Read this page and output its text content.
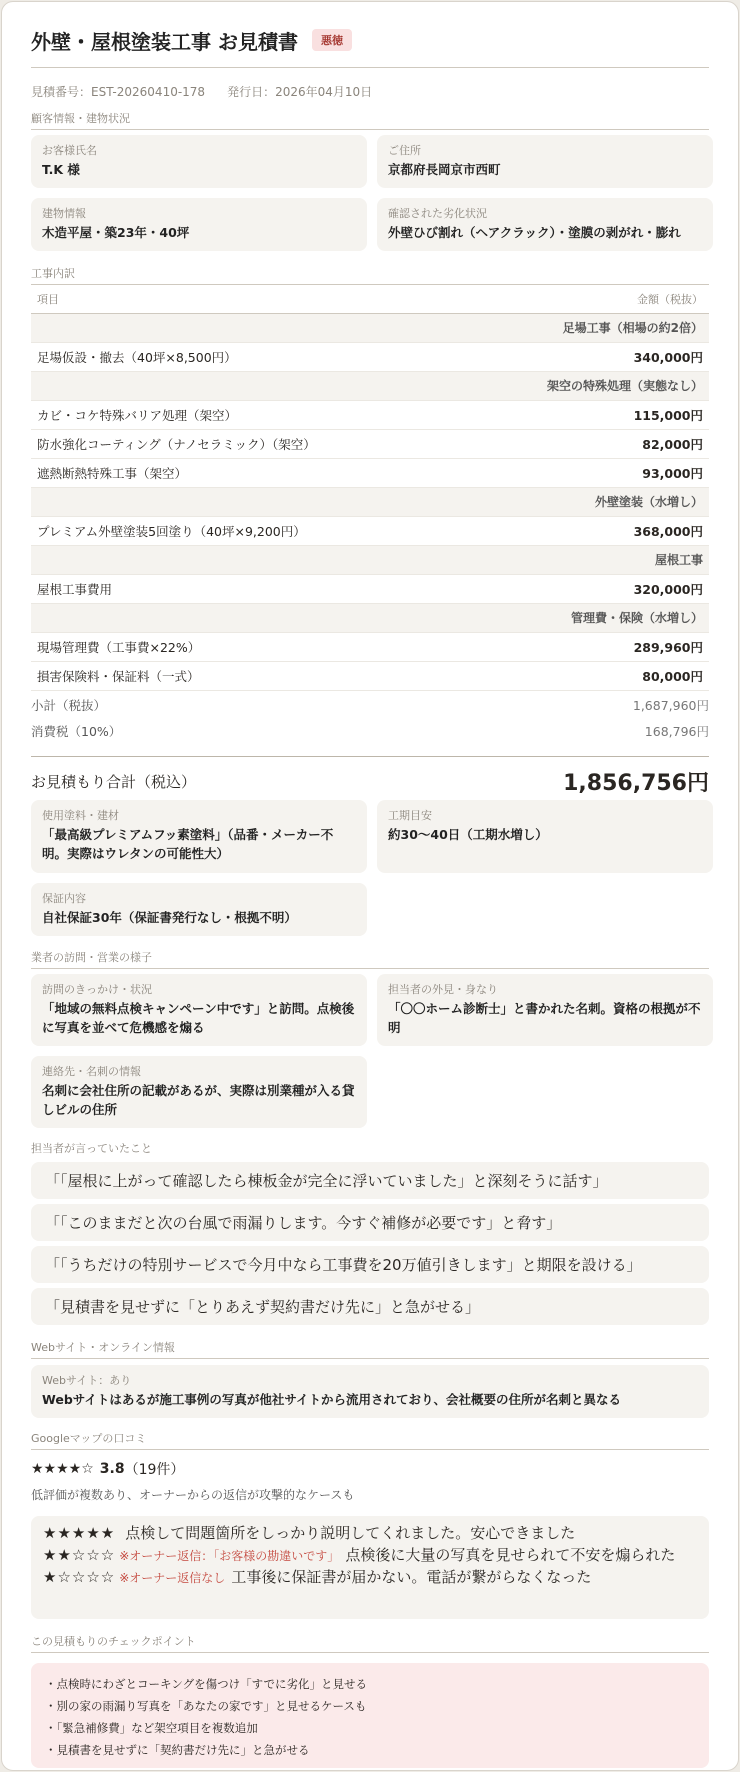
外壁・屋根塗装工事 お見積書	悪徳
見積番号：EST-20260410-178 発行日：2026年04月10日
顧客情報・建物状況
お客様氏名
T.K 様
ご住所
京都府長岡京市西町
建物情報
木造平屋・築23年・40坪
確認された劣化状況
外壁ひび割れ（ヘアクラック）・塗膜の剥がれ・膨れ
工事内訳
項目	金額（税抜）
足場工事（相場の約2倍）	
足場仮設・撤去（40坪×8,500円）	340,000円
架空の特殊処理（実態なし）	
カビ・コケ特殊バリア処理（架空）	115,000円
防水強化コーティング（ナノセラミック）（架空）	82,000円
遮熱断熱特殊工事（架空）	93,000円
外壁塗装（水増し）	
プレミアム外壁塗装5回塗り（40坪×9,200円）	368,000円
屋根工事	
屋根工事費用	320,000円
管理費・保険（水増し）	
現場管理費（工事費×22%）	289,960円
損害保険料・保証料（一式）	80,000円
小計（税抜）	1,687,960円
消費税（10%）	168,796円
お見積もり合計（税込）	1,856,756円
使用塗料・建材
「最高級プレミアムフッ素塗料」（品番・メーカー不明。実際はウレタンの可能性大）
工期目安
約30〜40日（工期水増し）
保証内容
自社保証30年（保証書発行なし・根拠不明）
業者の訪問・営業の様子
訪問のきっかけ・状況
「地域の無料点検キャンペーン中です」と訪問。点検後に写真を並べて危機感を煽る
担当者の外見・身なり
「〇〇ホーム診断士」と書かれた名刺。資格の根拠が不明
連絡先・名刺の情報
名刺に会社住所の記載があるが、実際は別業種が入る貸しビルの住所
担当者が言っていたこと
「「屋根に上がって確認したら棟板金が完全に浮いていました」と深刻そうに話す」
「「このままだと次の台風で雨漏りします。今すぐ補修が必要です」と脅す」
「「うちだけの特別サービスで今月中なら工事費を20万値引きします」と期限を設ける」
「見積書を見せずに「とりあえず契約書だけ先に」と急がせる」
Webサイト・オンライン情報
Webサイト：あり
Webサイトはあるが施工事例の写真が他社サイトから流用されており、会社概要の住所が名刺と異なる
Googleマップの口コミ
★★★★☆ 3.8 （19件）
低評価が複数あり、オーナーからの返信が攻撃的なケースも
★★★★★ 点検して問題箇所をしっかり説明してくれました。安心できました
★★☆☆☆ ※オーナー返信：「お客様の勘違いです」 点検後に大量の写真を見せられて不安を煽られた
★☆☆☆☆ ※オーナー返信なし 工事後に保証書が届かない。電話が繋がらなくなった
この見積もりのチェックポイント
・点検時にわざとコーキングを傷つけ「すでに劣化」と見せる
・別の家の雨漏り写真を「あなたの家です」と見せるケースも
・「緊急補修費」など架空項目を複数追加
・見積書を見せずに「契約書だけ先に」と急がせる
